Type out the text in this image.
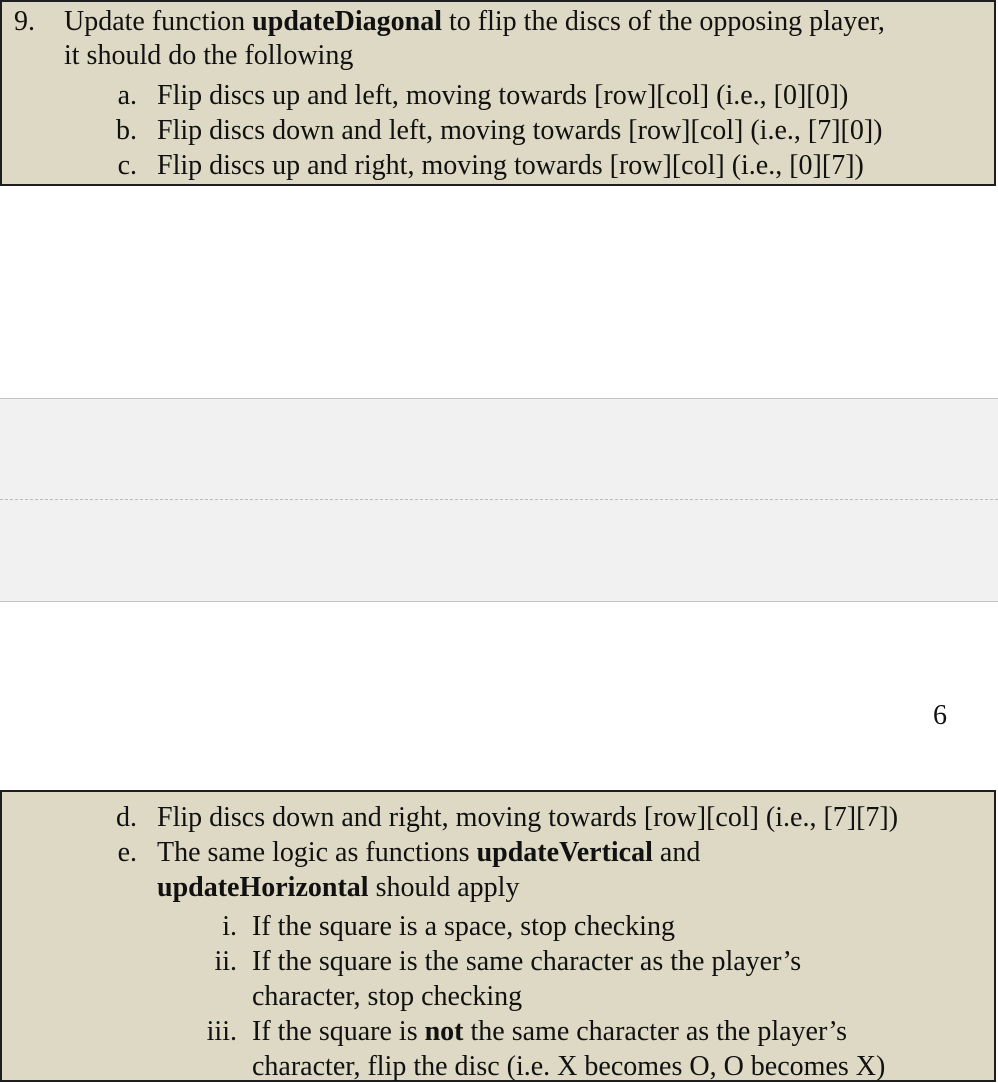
9.	Update function updateDiagonal to flip the discs of the opposing player,
it should do the following
a. Flip discs up and left, moving towards [row][col] (i.e., [0][0])
b. Flip discs down and left, moving towards [row][col] (i.e., [7][0])
c. Flip discs up and right, moving towards [row][col] (i.e., [0][7])
6
d. Flip discs down and right, moving towards [row][col] (i.e., [7][7])
e. The same logic as functions updateVertical and
updateHorizontal should apply
i. If the square is a space, stop checking
ii. If the square is the same character as the player’s
character, stop checking
iii. If the square is not the same character as the player’s
character, flip the disc (i.e. X becomes O, O becomes X)
